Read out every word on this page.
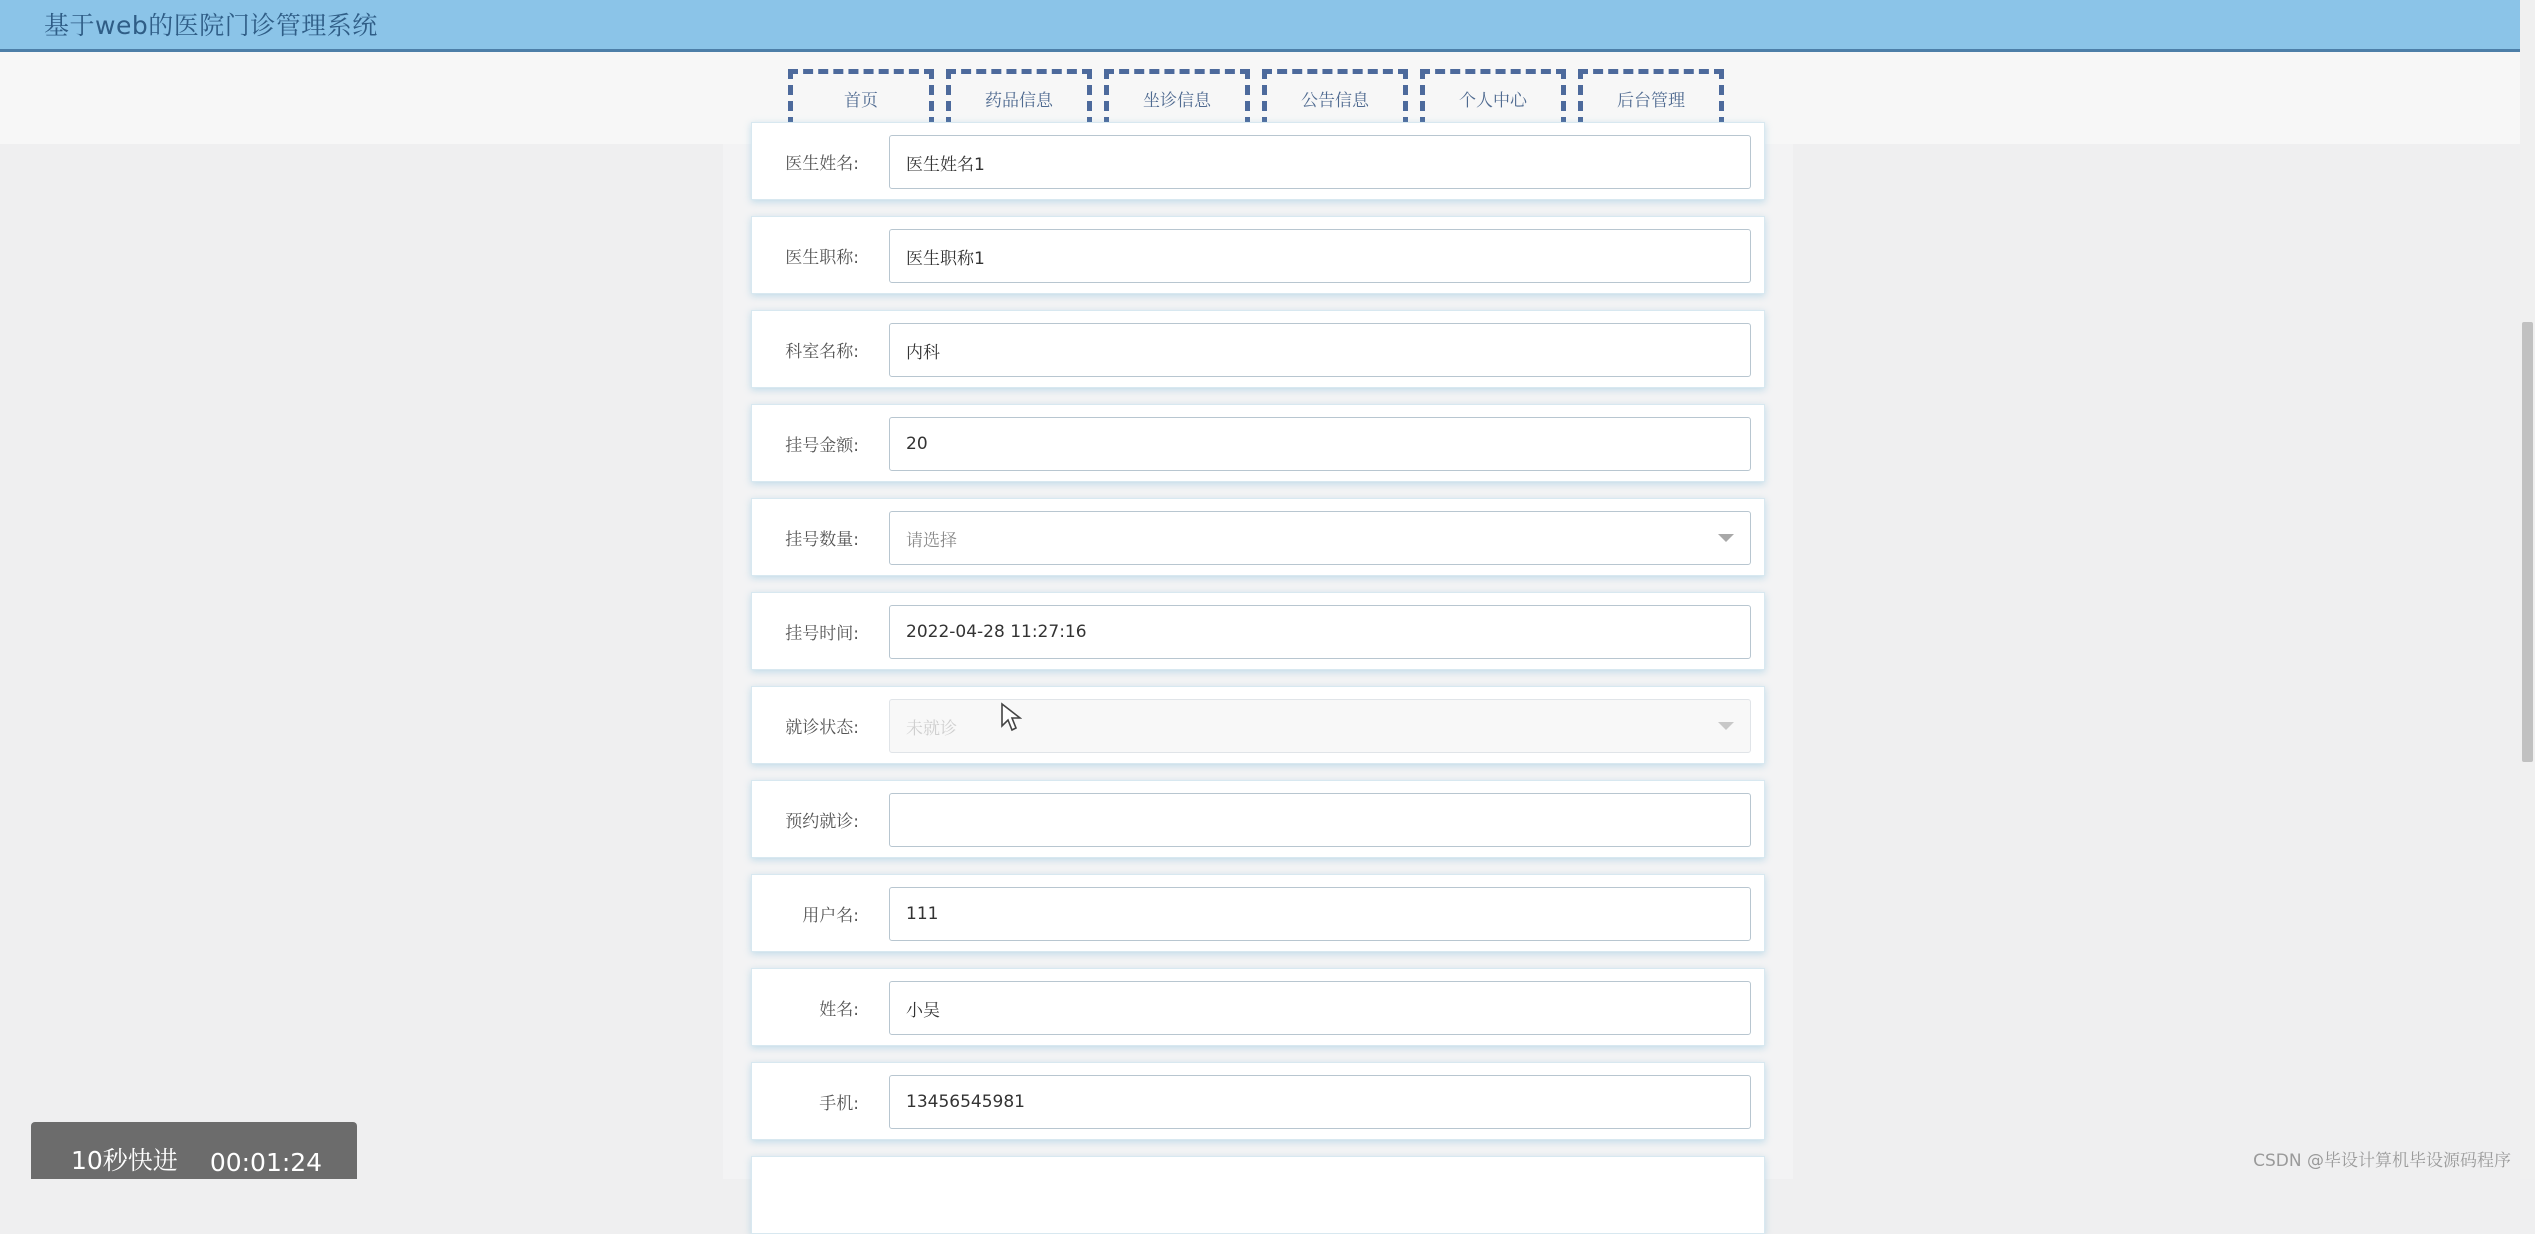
基于web的医院门诊管理系统
首页	药品信息	坐诊信息	公告信息	个人中心	后台管理
医生姓名:	医生姓名1
医生职称:	医生职称1
科室名称:	内科
挂号金额:	20
挂号数量:	请选择
挂号时间:	2022-04-28 11:27:16
就诊状态:	未就诊
预约就诊:
用户名:	111
姓名:	小吴
手机:	13456545981
10秒快进 00:01:24	CSDN @毕设计算机毕设源码程序
